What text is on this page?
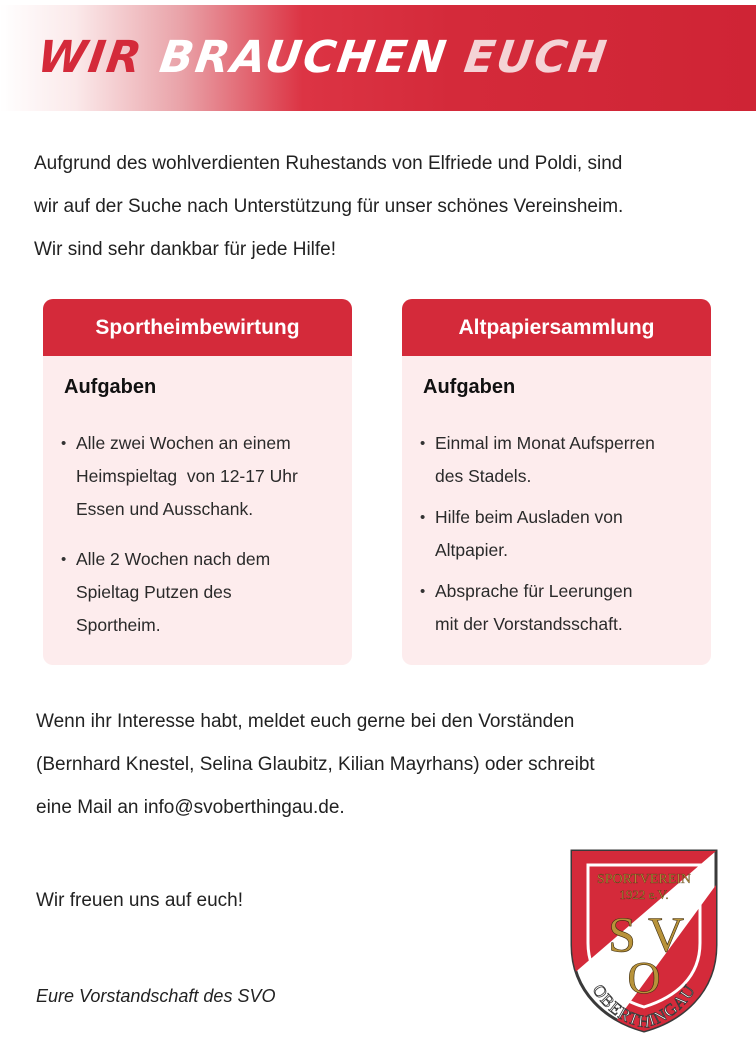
WIR BRAUCHEN EUCH
Aufgrund des wohlverdienten Ruhestands von Elfriede und Poldi, sind
wir auf der Suche nach Unterstützung für unser schönes Vereinsheim.
Wir sind sehr dankbar für jede Hilfe!
Sportheimbewirtung
Aufgaben
• Alle zwei Wochen an einem
Heimspieltag  von 12-17 Uhr
Essen und Ausschank.
• Alle 2 Wochen nach dem
Spieltag Putzen des
Sportheim.
Altpapiersammlung
Aufgaben
• Einmal im Monat Aufsperren
des Stadels.
• Hilfe beim Ausladen von
Altpapier.
• Absprache für Leerungen
mit der Vorstandsschaft.

Wenn ihr Interesse habt, meldet euch gerne bei den Vorständen

(Bernhard Knestel, Selina Glaubitz, Kilian Mayrhans) oder schreibt

eine Mail an info@svoberthingau.de.

Wir freuen uns auf euch!
Eure Vorstandschaft des SVO
SPORTVEREIN
1922 e.V.
S V
O
OBERTHINGAU
